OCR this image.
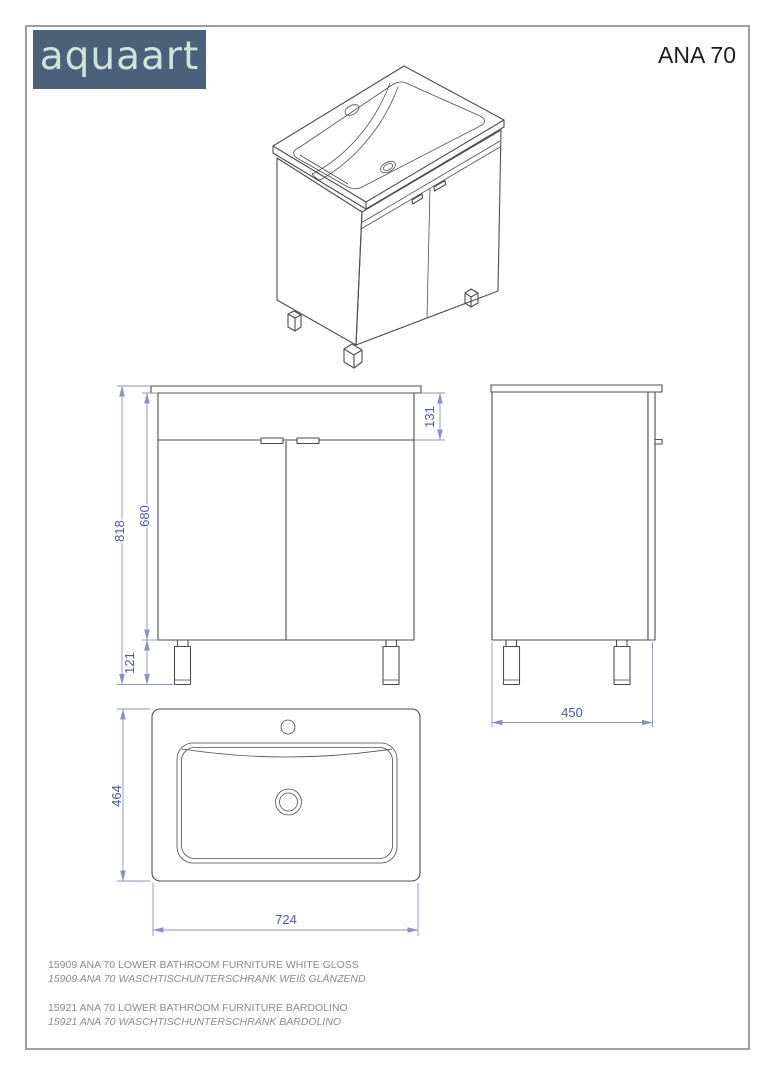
aquaart	ANA 70
818
680
121
131
450
464
724

15909 ANA 70 LOWER BATHROOM FURNITURE WHITE GLOSS
15909 ANA 70 WASCHTISCHUNTERSCHRANK WEIß GLÄNZEND

15921 ANA 70 LOWER BATHROOM FURNITURE BARDOLINO
15921 ANA 70 WASCHTISCHUNTERSCHRANK BARDOLINO
